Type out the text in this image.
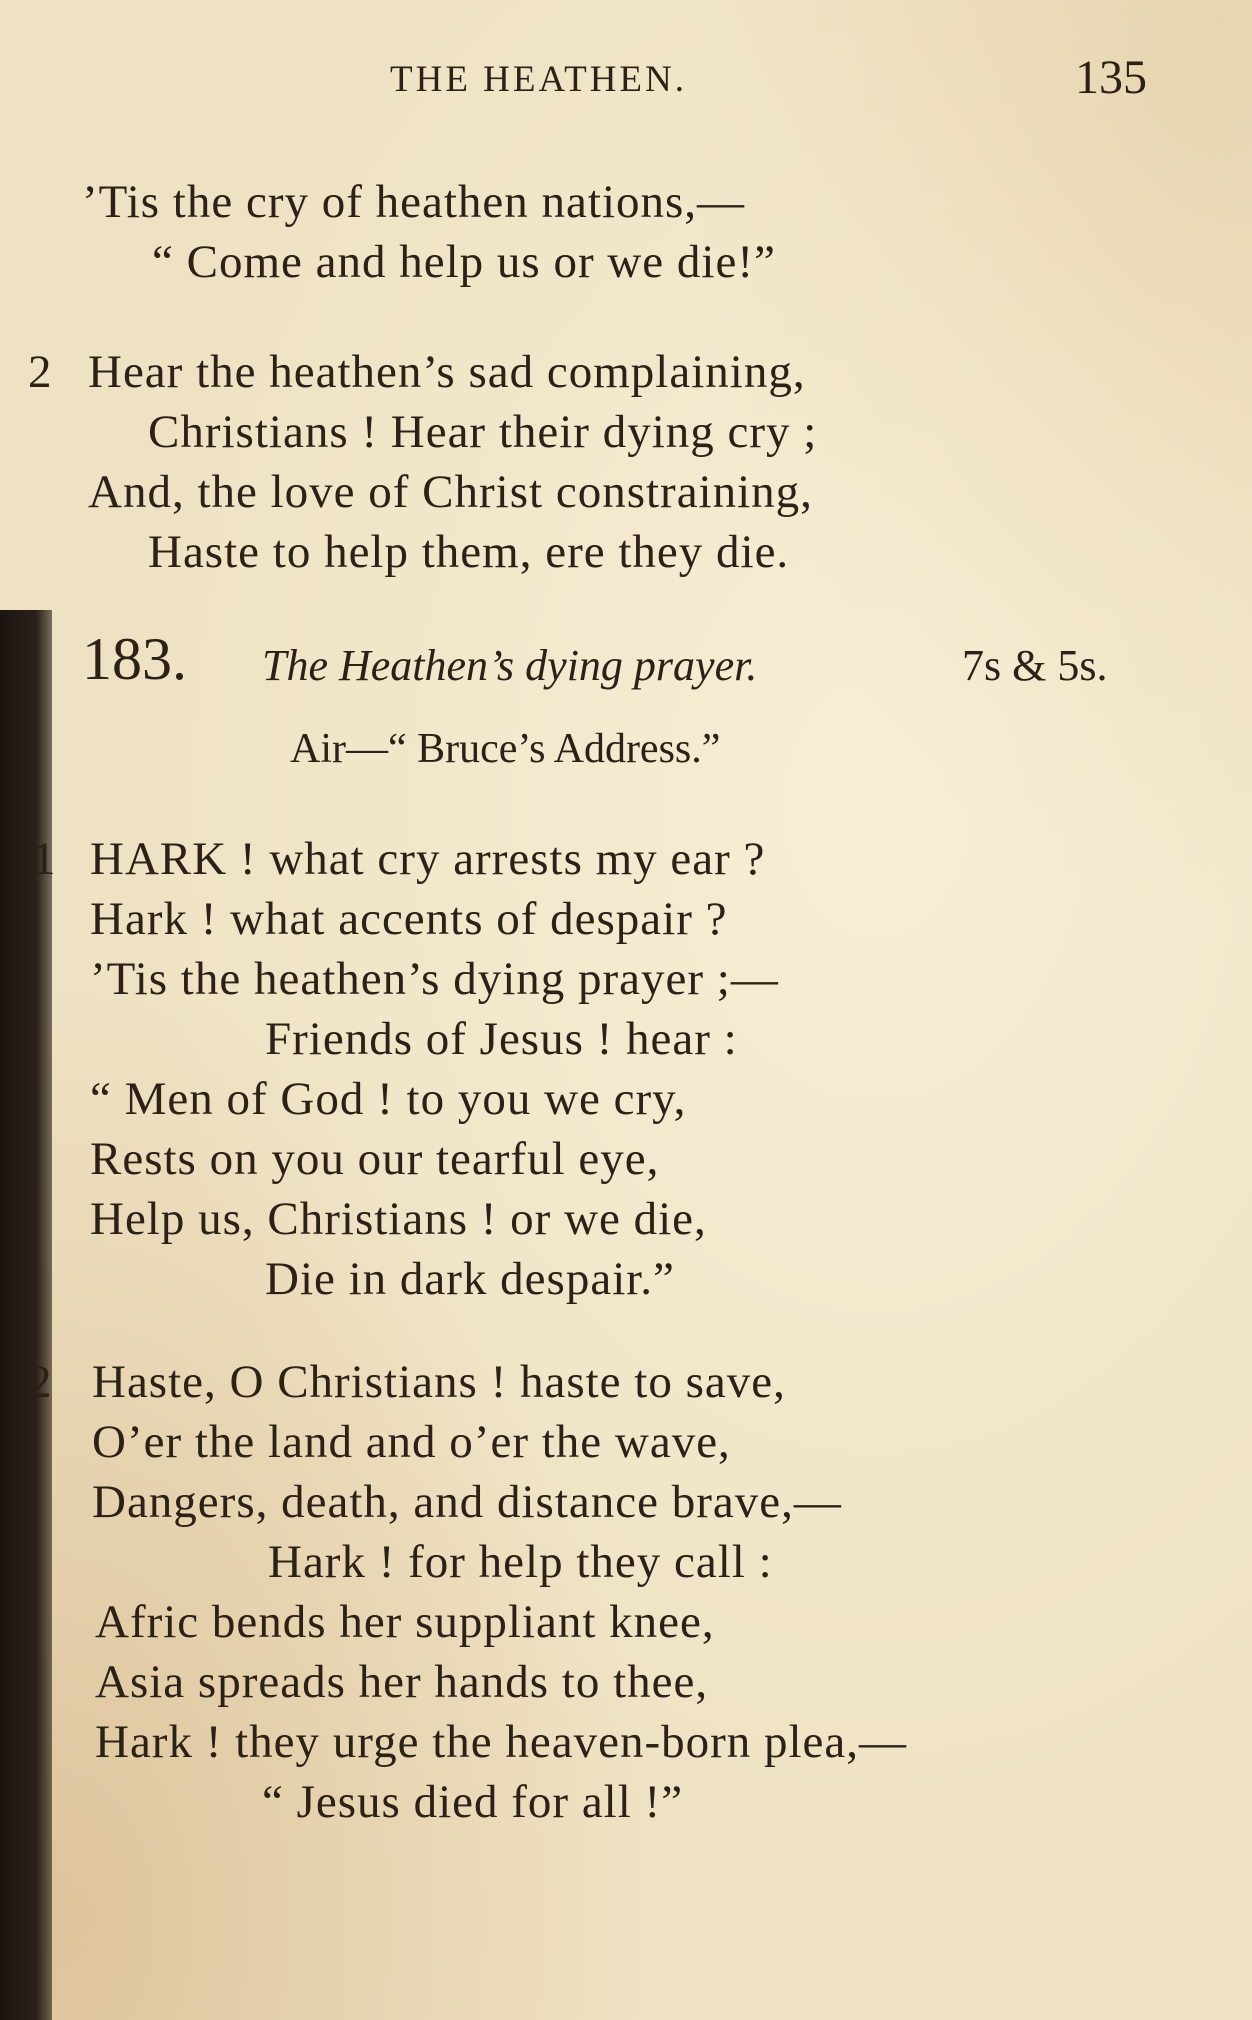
THE HEATHEN.	135
’Tis the cry of heathen nations,—
“ Come and help us or we die!”
2 Hear the heathen’s sad complaining,
Christians ! Hear their dying cry ;
And, the love of Christ constraining,
Haste to help them, ere they die.
183. The Heathen’s dying prayer.	7s & 5s.
Air—“ Bruce’s Address.”
1 HARK ! what cry arrests my ear ?
Hark ! what accents of despair ?
’Tis the heathen’s dying prayer ;—
Friends of Jesus ! hear :
“ Men of God ! to you we cry,
Rests on you our tearful eye,
Help us, Christians ! or we die,
Die in dark despair.”
2 Haste, O Christians ! haste to save,
O’er the land and o’er the wave,
Dangers, death, and distance brave,—
Hark ! for help they call :
Afric bends her suppliant knee,
Asia spreads her hands to thee,
Hark ! they urge the heaven-born plea,—
“ Jesus died for all !”
